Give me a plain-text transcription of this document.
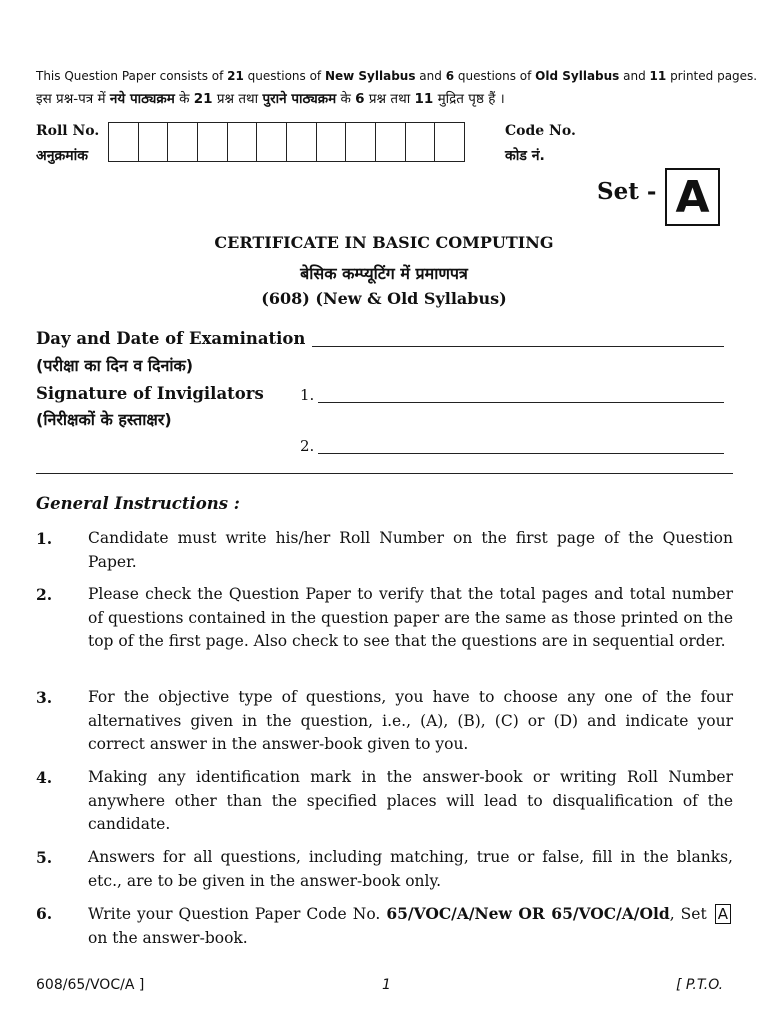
This Question Paper consists of 21 questions of New Syllabus and 6 questions of Old Syllabus and 11 printed pages.
इस प्रश्न-पत्र में नये पाठ्यक्रम के 21 प्रश्न तथा पुराने पाठ्यक्रम के 6 प्रश्न तथा 11 मुद्रित पृष्ठ हैं ।
Roll No.
अनुक्रमांक
Code No.
कोड नं.
Set - A
CERTIFICATE IN BASIC COMPUTING
बेसिक कम्प्यूटिंग में प्रमाणपत्र
(608) (New & Old Syllabus)
Day and Date of Examination
(परीक्षा का दिन व दिनांक)
Signature of Invigilators 1.
(निरीक्षकों के हस्ताक्षर)
2.
General Instructions :
1. Candidate must write his/her Roll Number on the first page of the Question Paper.
2. Please check the Question Paper to verify that the total pages and total number of questions contained in the question paper are the same as those printed on the top of the first page. Also check to see that the questions are in sequential order.
3. For the objective type of questions, you have to choose any one of the four alternatives given in the question, i.e., (A), (B), (C) or (D) and indicate your correct answer in the answer-book given to you.
4. Making any identification mark in the answer-book or writing Roll Number anywhere other than the specified places will lead to disqualification of the candidate.
5. Answers for all questions, including matching, true or false, fill in the blanks, etc., are to be given in the answer-book only.
6. Write your Question Paper Code No. 65/VOC/A/New OR 65/VOC/A/Old, Set A on the answer-book.
608/65/VOC/A ]	1	[ P.T.O.
